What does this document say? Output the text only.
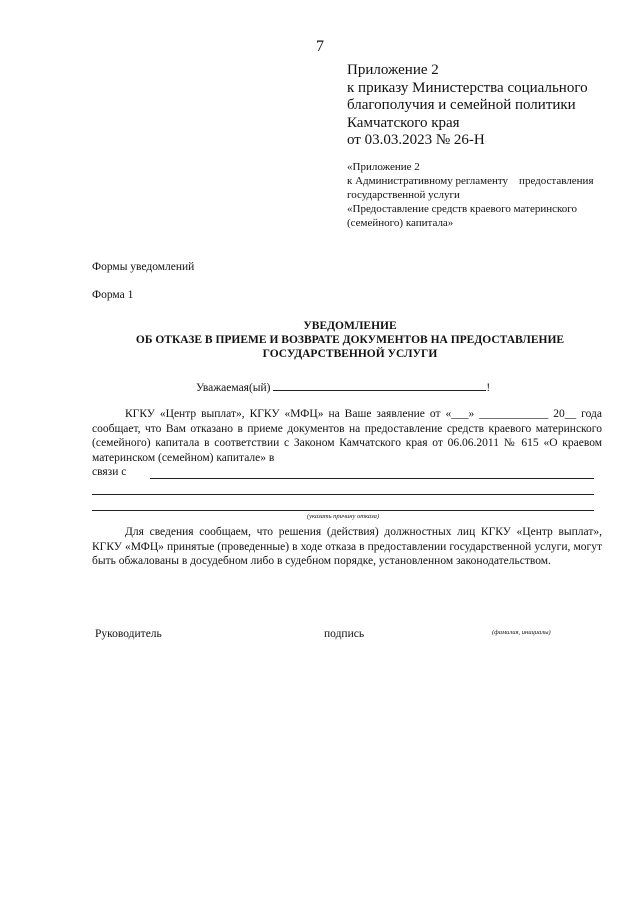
7
Приложение 2
к приказу Министерства социального
благополучия и семейной политики
Камчатского края
от 03.03.2023 № 26-Н
«Приложение 2
к Административному регламенту    предоставления
государственной услуги
«Предоставление средств краевого материнского
(семейного) капитала»
Формы уведомлений
Форма 1
УВЕДОМЛЕНИЕ
ОБ ОТКАЗЕ В ПРИЕМЕ И ВОЗВРАТЕ ДОКУМЕНТОВ НА ПРЕДОСТАВЛЕНИЕ
ГОСУДАРСТВЕННОЙ УСЛУГИ
Уважаемая(ый)	!
КГКУ «Центр выплат», КГКУ «МФЦ» на Ваше заявление от «___» ____________ 20__ года сообщает, что Вам отказано в приеме документов на предоставление средств краевого материнского (семейного) капитала в соответствии с Законом Камчатского края от 06.06.2011 № 615 «О краевом материнском (семейном) капитале» в
связи с
(указать причину отказа)
Для сведения сообщаем, что решения (действия) должностных лиц КГКУ «Центр выплат», КГКУ «МФЦ» принятые (проведенные) в ходе отказа в предоставлении государственной услуги, могут быть обжалованы в досудебном либо в судебном порядке, установленном законодательством.
Руководитель	подпись	(фамилия, инициалы)
